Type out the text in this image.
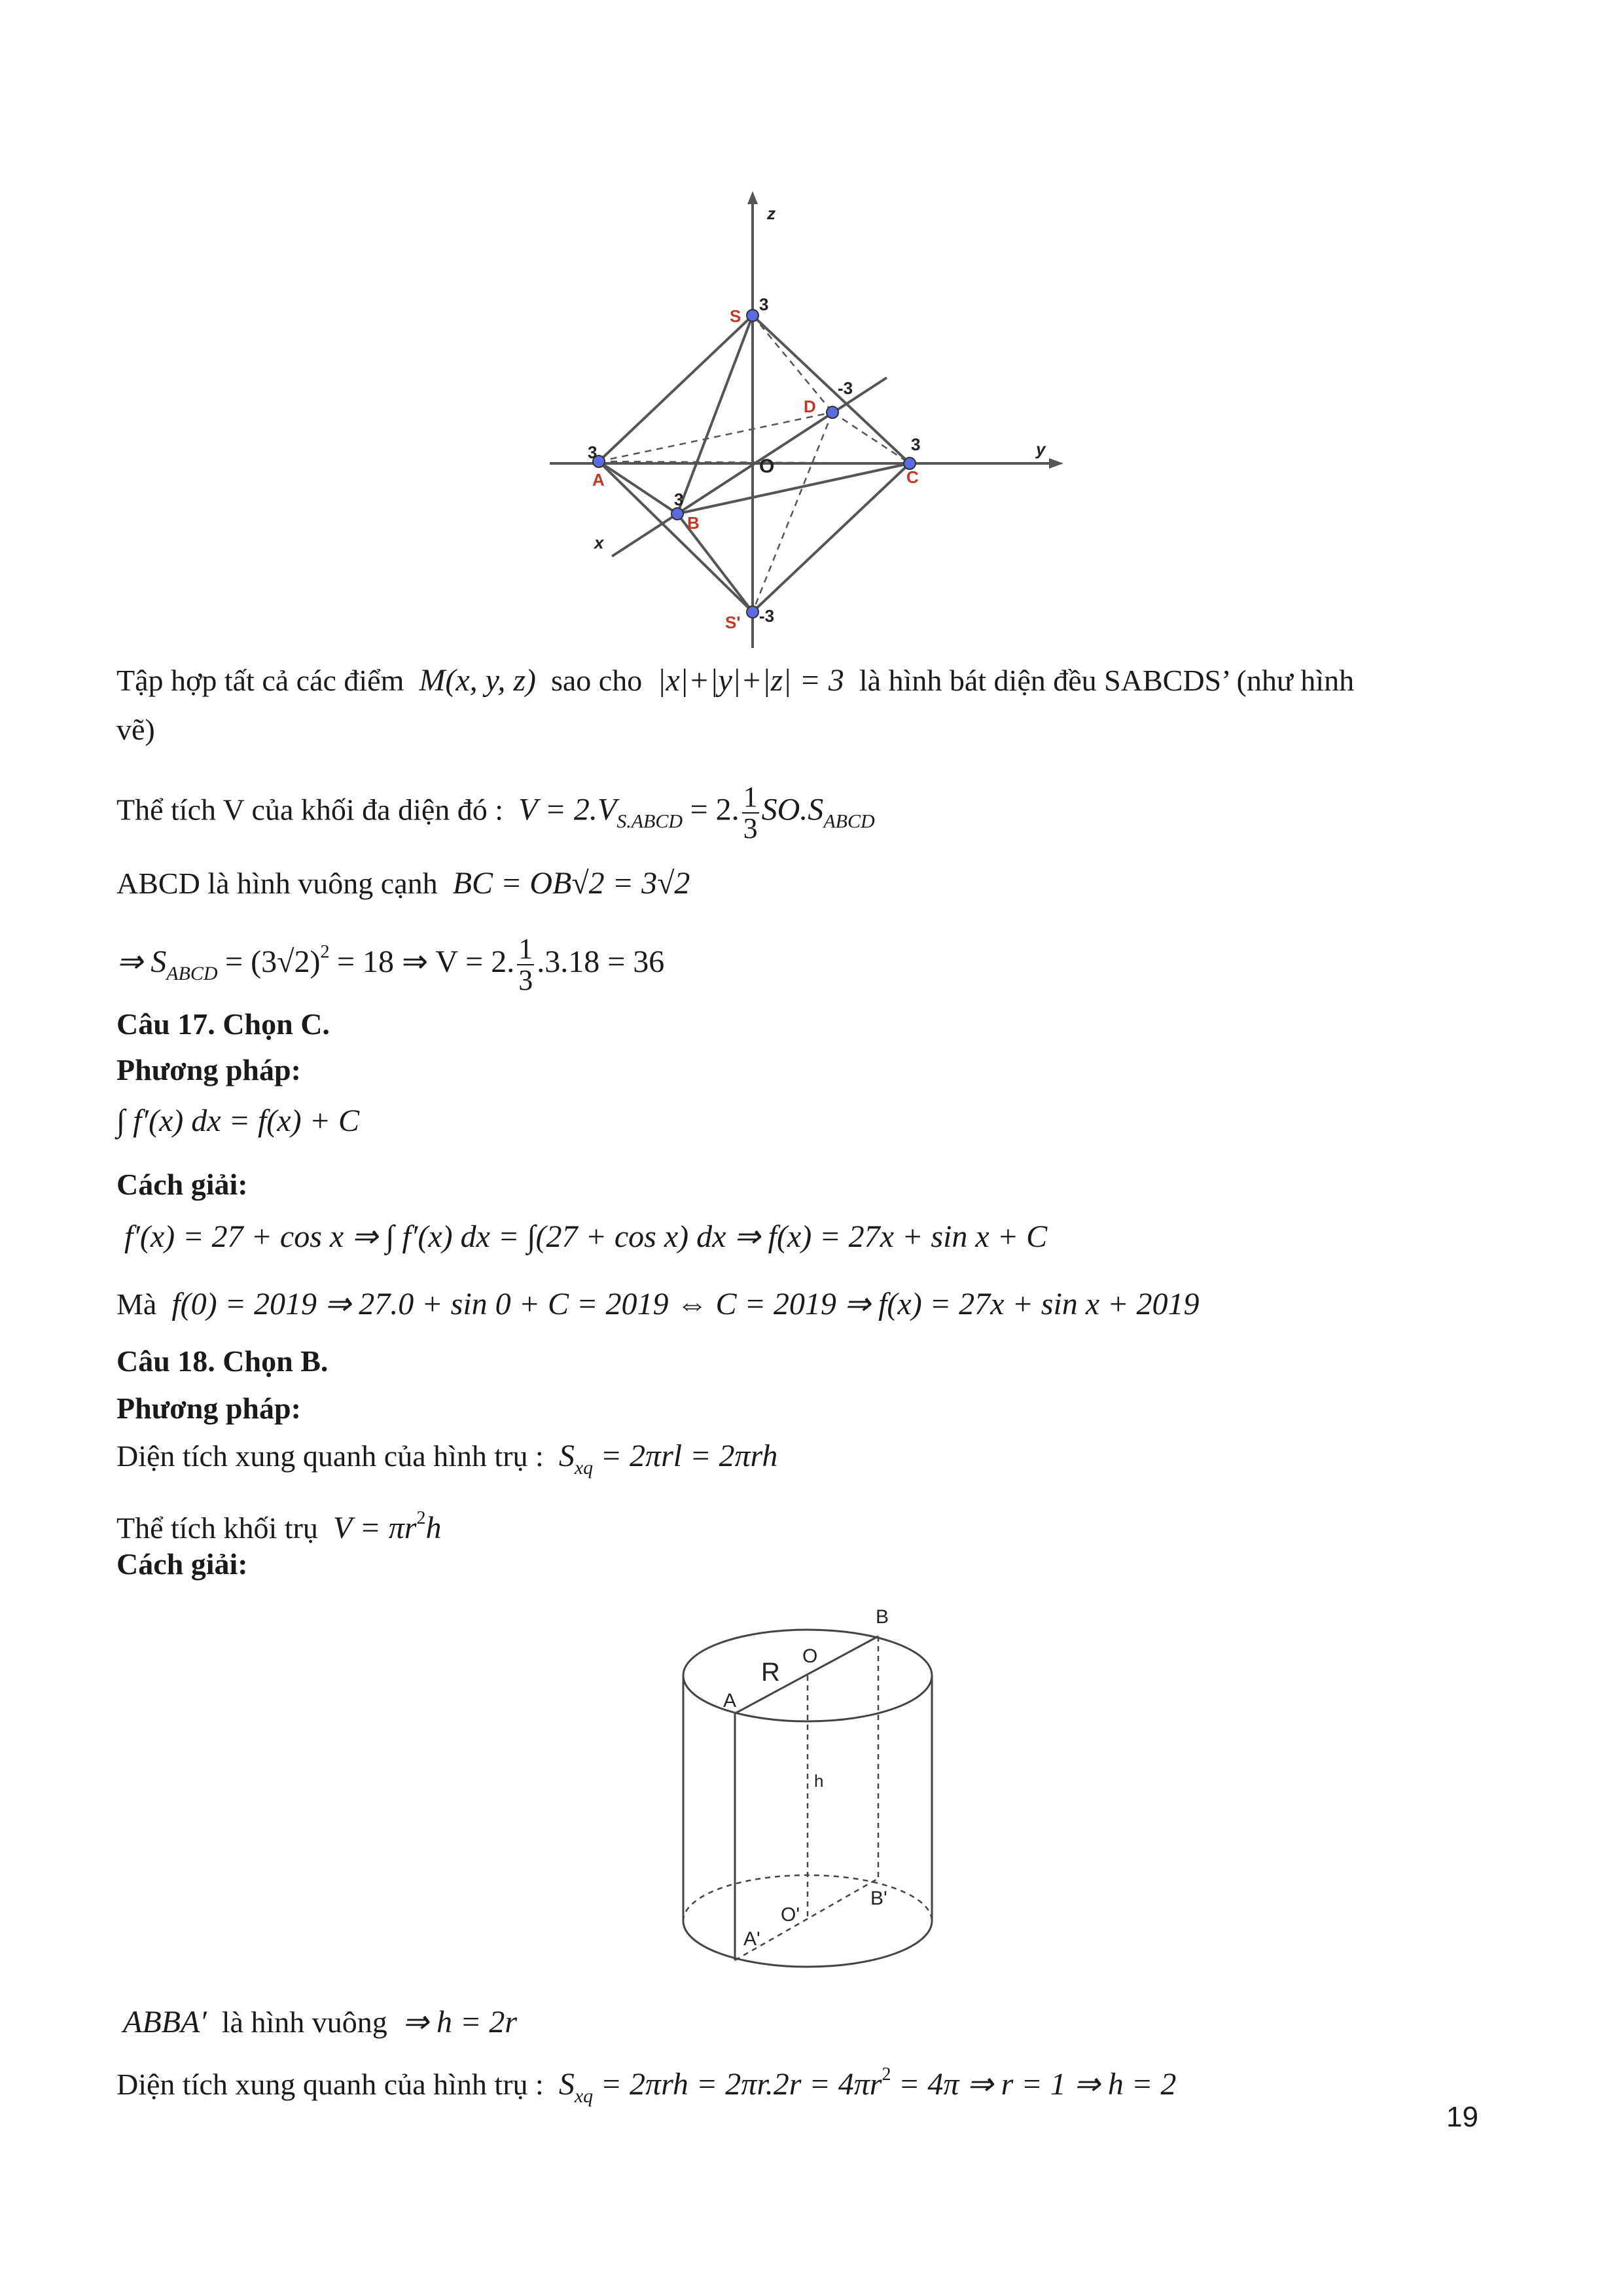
z
y
x
O
S
S'
A
B
C
D
3
3
3
-3
3
-3
Tập hợp tất cả các điểm M(x, y, z) sao cho |x|+|y|+|z| = 3 là hình bát diện đều SABCDS’ (như hình
vẽ)
Thể tích V của khối đa diện đó : $V = 2.V_{S.ABCD} = 2$. $\frac{1}{3} SO.S_{ABCD}$
ABCD là hình vuông cạnh BC = OB√2 = 3√2
⇒ $S_{ABCD} = (3√2)^2 = 18$ ⇒ V = 2. $\frac{1}{3} .3.18 = 36$
Câu 17. Chọn C.
Phương pháp:
∫ f′(x) dx = f(x) + C
Cách giải:
f′(x) = 27 + cos x ⇒ ∫ f′(x) dx = ∫(27 + cos x) dx ⇒ f(x) = 27x + sin x + C
Mà f(0) = 2019 ⇒ 27.0 + sin 0 + C = 2019 ⇔ C = 2019 ⇒ f(x) = 27x + sin x + 2019
Câu 18. Chọn B.
Phương pháp:
Diện tích xung quanh của hình trụ : $S_{xq} = 2\pi rl = 2\pi rh$
Thể tích khối trụ $V = \pi r^2h$
Cách giải:
A
B
R
O
h
O'
A'
B'
ABBA′ là hình vuông ⇒ h = 2r
Diện tích xung quanh của hình trụ : $S_{xq} = 2\pi rh = 2\pi r.2r = 4\pi r^2 = 4\pi$ ⇒ r = 1 ⇒ h = 2
19
